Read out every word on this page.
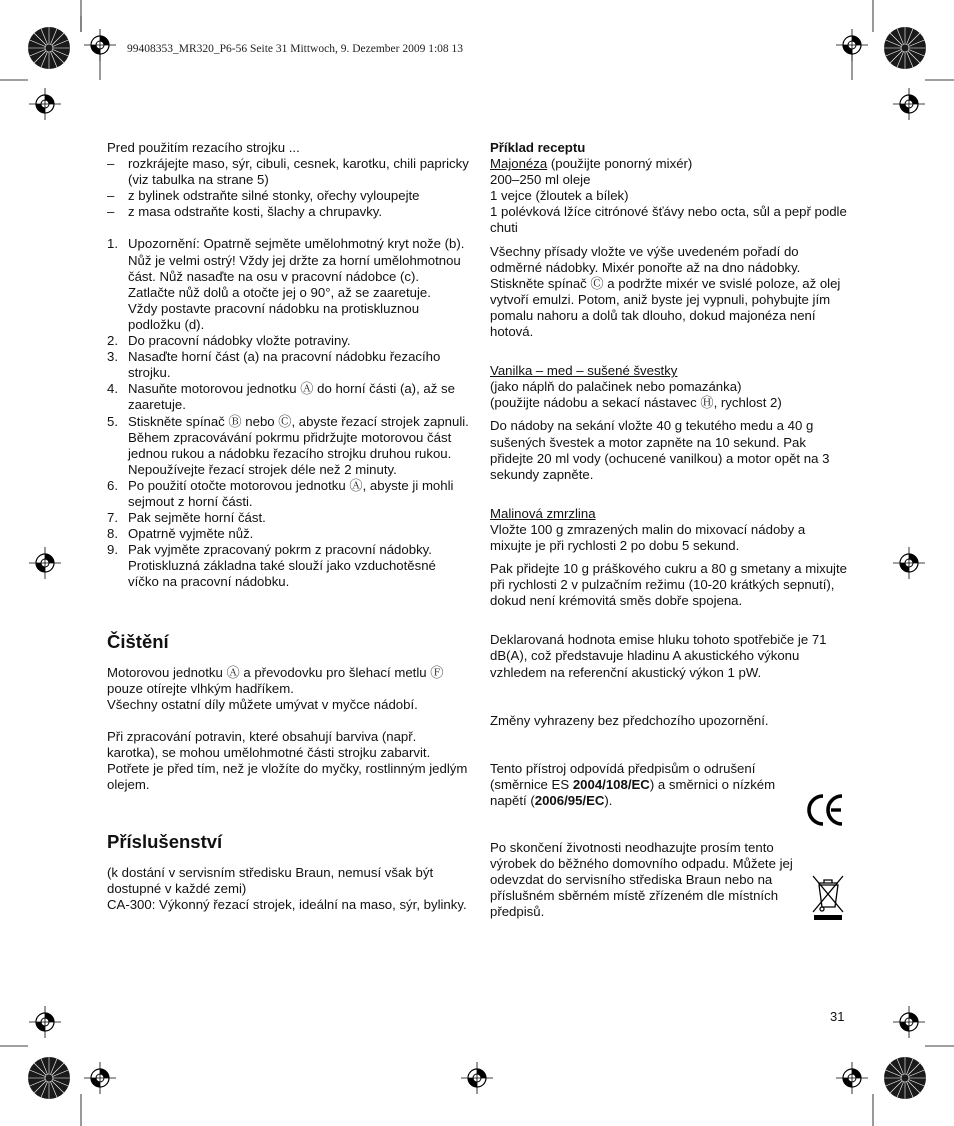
99408353_MR320_P6-56 Seite 31 Mittwoch, 9. Dezember 2009 1:08 13

Pred použitím rezacího strojku ...

– rozkrájejte maso, sýr, cibuli, cesnek, karotku, chili papricky (viz tabulka na strane 5)
– z bylinek odstraňte silné stonky, ořechy vyloupejte
– z masa odstraňte kosti, šlachy a chrupavky.
1. Upozornění: Opatrně sejměte umělohmotný kryt nože (b). Nůž je velmi ostrý! Vždy jej držte za horní umělohmotnou část. Nůž nasaďte na osu v pracovní nádobce (c).
Zatlačte nůž dolů a otočte jej o 90°, až se zaaretuje.
Vždy postavte pracovní nádobku na protiskluznou podložku (d).
2. Do pracovní nádobky vložte potraviny.
3. Nasaďte horní část (a) na pracovní nádobku řezacího strojku.
4. Nasuňte motorovou jednotku Ⓐ do horní části (a), až se zaaretuje.
5. Stiskněte spínač Ⓑ nebo Ⓒ, abyste řezací strojek zapnuli. Během zpracovávání pokrmu přidržujte motorovou část jednou rukou a nádobku řezacího strojku druhou rukou.
Nepoužívejte řezací strojek déle než 2 minuty.
6. Po použití otočte motorovou jednotku Ⓐ, abyste ji mohli sejmout z horní části.
7. Pak sejměte horní část.
8. Opatrně vyjměte nůž.
9. Pak vyjměte zpracovaný pokrm z pracovní nádobky. Protiskluzná základna také slouží jako vzduchotěsné víčko na pracovní nádobku.
Čištění

Motorovou jednotku Ⓐ a převodovku pro šlehací metlu Ⓕ pouze otírejte vlhkým hadříkem.

Všechny ostatní díly můžete umývat v myčce nádobí.

Při zpracování potravin, které obsahují barviva (např. karotka), se mohou umělohmotné části strojku zabarvit. Potřete je před tím, než je vložíte do myčky, rostlinným jedlým olejem.

Příslušenství

(k dostání v servisním středisku Braun, nemusí však být dostupné v každé zemi)

CA-300: Výkonný řezací strojek, ideální na maso, sýr, bylinky.

Příklad receptu

Majonéza (použijte ponorný mixér)

200–250 ml oleje

1 vejce (žloutek a bílek)

1 polévková lžíce citrónové šťávy nebo octa, sůl a pepř podle chuti

Všechny přísady vložte ve výše uvedeném pořadí do odměrné nádobky. Mixér ponořte až na dno nádobky. Stiskněte spínač Ⓒ a podržte mixér ve svislé poloze, až olej vytvoří emulzi. Potom, aniž byste jej vypnuli, pohybujte jím pomalu nahoru a dolů tak dlouho, dokud majonéza není hotová.

Vanilka – med – sušené švestky

(jako náplň do palačinek nebo pomazánka)

(použijte nádobu a sekací nástavec Ⓗ, rychlost 2)

Do nádoby na sekání vložte 40 g tekutého medu a 40 g sušených švestek a motor zapněte na 10 sekund. Pak přidejte 20 ml vody (ochucené vanilkou) a motor opět na 3 sekundy zapněte.

Malinová zmrzlina

Vložte 100 g zmrazených malin do mixovací nádoby a mixujte je při rychlosti 2 po dobu 5 sekund.

Pak přidejte 10 g práškového cukru a 80 g smetany a mixujte při rychlosti 2 v pulzačním režimu (10-20 krátkých sepnutí), dokud není krémovitá směs dobře spojena.

Deklarovaná hodnota emise hluku tohoto spotřebiče je 71 dB(A), což představuje hladinu A akustického výkonu vzhledem na referenční akustický výkon 1 pW.

Změny vyhrazeny bez předchozího upozornění.

Tento přístroj odpovídá předpisům o odrušení (směrnice ES 2004/108/EC) a směrnici o nízkém napětí (2006/95/EC).

Po skončení životnosti neodhazujte prosím tento výrobek do běžného domovního odpadu. Můžete jej odevzdat do servisního střediska Braun nebo na příslušném sběrném místě zřízeném dle místních předpisů.

31
